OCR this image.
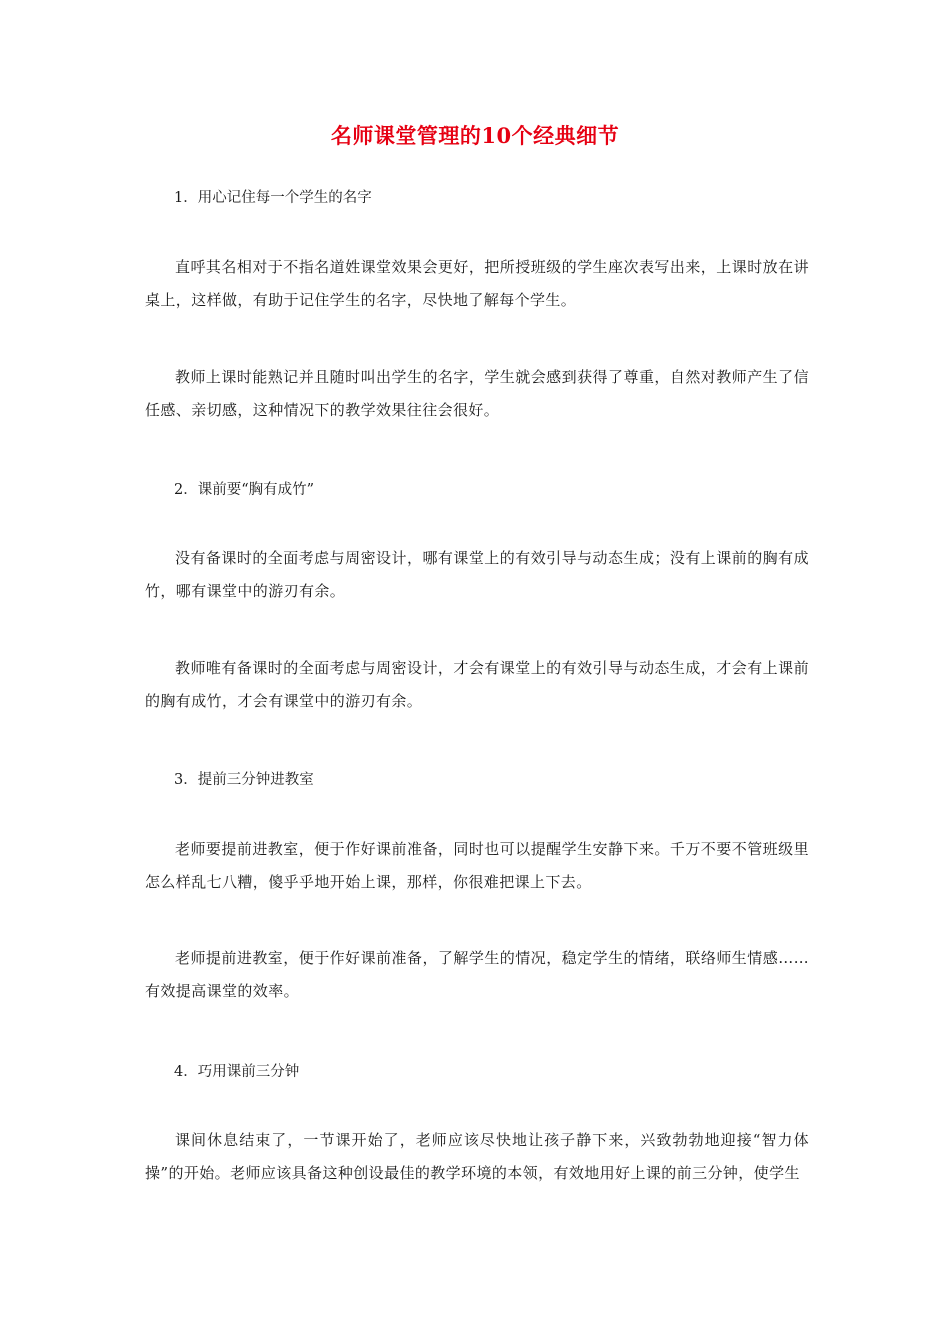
名师课堂管理的10个经典细节
1．用心记住每一个学生的名字
直呼其名相对于不指名道姓课堂效果会更好，把所授班级的学生座次表写出来，上课时放在讲桌上，这样做，有助于记住学生的名字，尽快地了解每个学生。
教师上课时能熟记并且随时叫出学生的名字，学生就会感到获得了尊重，自然对教师产生了信任感、亲切感，这种情况下的教学效果往往会很好。
2．课前要“胸有成竹”
没有备课时的全面考虑与周密设计，哪有课堂上的有效引导与动态生成；没有上课前的胸有成竹，哪有课堂中的游刃有余。
教师唯有备课时的全面考虑与周密设计，才会有课堂上的有效引导与动态生成，才会有上课前的胸有成竹，才会有课堂中的游刃有余。
3．提前三分钟进教室
老师要提前进教室，便于作好课前准备，同时也可以提醒学生安静下来。千万不要不管班级里怎么样乱七八糟，傻乎乎地开始上课，那样，你很难把课上下去。
老师提前进教室，便于作好课前准备，了解学生的情况，稳定学生的情绪，联络师生情感……有效提高课堂的效率。
4．巧用课前三分钟
课间休息结束了，一节课开始了，老师应该尽快地让孩子静下来，兴致勃勃地迎接“智力体操”的开始。老师应该具备这种创设最佳的教学环境的本领，有效地用好上课的前三分钟，使学生
